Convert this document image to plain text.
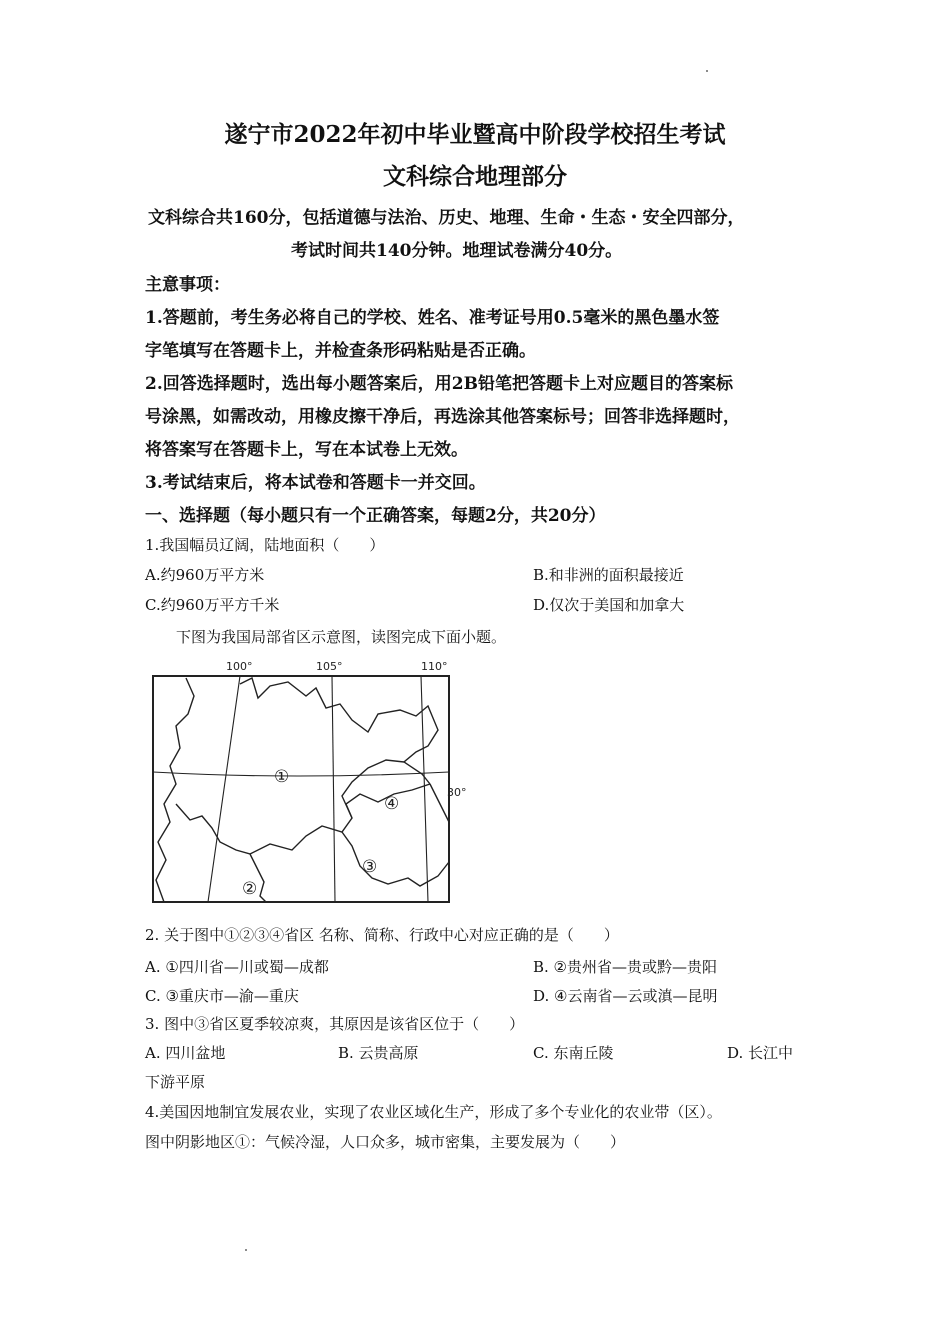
遂宁市2022年初中毕业暨高中阶段学校招生考试
文科综合地理部分
文科综合共160分，包括道德与法治、历史、地理、生命・生态・安全四部分，
考试时间共140分钟。地理试卷满分40分。
主意事项：
1.答题前，考生务必将自己的学校、姓名、准考证号用0.5毫米的黑色墨水签
字笔填写在答题卡上，并检查条形码粘贴是否正确。
2.回答选择题时，选出每小题答案后，用2B铅笔把答题卡上对应题目的答案标
号涂黑，如需改动，用橡皮擦干净后，再选涂其他答案标号；回答非选择题时，
将答案写在答题卡上，写在本试卷上无效。
3.考试结束后，将本试卷和答题卡一并交回。
一、选择题（每小题只有一个正确答案，每题2分，共20分）
1.我国幅员辽阔，陆地面积（　　）
A.约960万平方米	B.和非洲的面积最接近
C.约960万平方千米	D.仅次于美国和加拿大
下图为我国局部省区示意图，读图完成下面小题。
100°	105°	110°
30°
①
②
③
④
2. 关于图中①②③④省区 名称、简称、行政中心对应正确的是（　　）
A. ①四川省—川或蜀—成都	B. ②贵州省—贵或黔—贵阳
C. ③重庆市—渝—重庆	D. ④云南省—云或滇—昆明
3. 图中③省区夏季较凉爽，其原因是该省区位于（　　）
A. 四川盆地	B. 云贵高原	C. 东南丘陵	D. 长江中
下游平原
4.美国因地制宜发展农业，实现了农业区域化生产，形成了多个专业化的农业带（区）。
图中阴影地区①：气候冷湿，人口众多，城市密集，主要发展为（　　）
